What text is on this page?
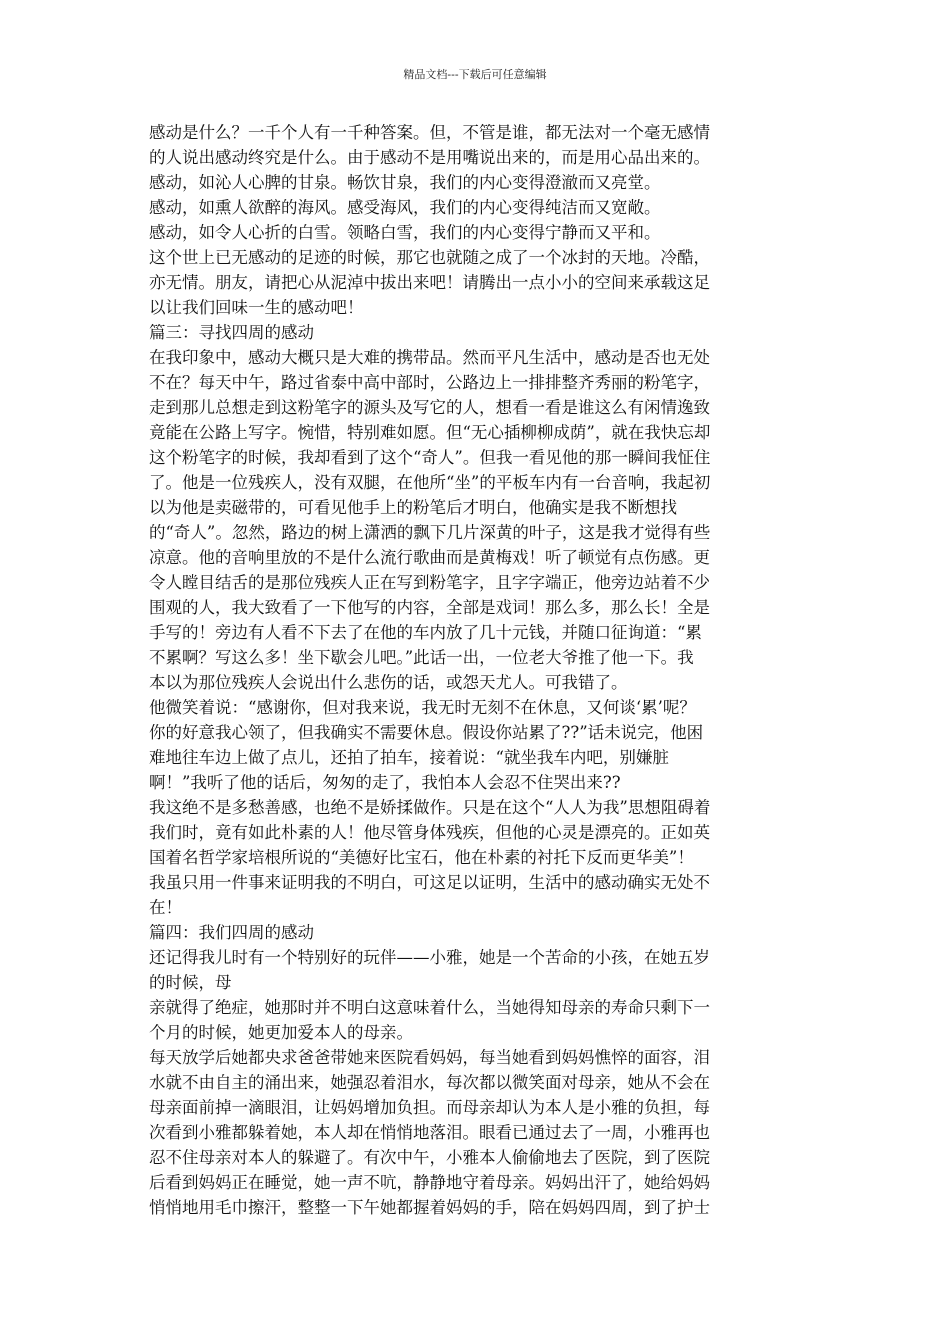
精品文档---下载后可任意编辑
感动是什么？一千个人有一千种答案。但，不管是谁，都无法对一个毫无感情
的人说出感动终究是什么。由于感动不是用嘴说出来的，而是用心品出来的。
感动，如沁人心脾的甘泉。畅饮甘泉，我们的内心变得澄澈而又亮堂。
感动，如熏人欲醉的海风。感受海风，我们的内心变得纯洁而又宽敞。
感动，如令人心折的白雪。领略白雪，我们的内心变得宁静而又平和。
这个世上已无感动的足迹的时候，那它也就随之成了一个冰封的天地。冷酷，
亦无情。朋友，请把心从泥淖中拔出来吧！请腾出一点小小的空间来承载这足
以让我们回味一生的感动吧！
篇三：寻找四周的感动
在我印象中，感动大概只是大难的携带品。然而平凡生活中，感动是否也无处
不在？每天中午，路过省泰中高中部时，公路边上一排排整齐秀丽的粉笔字，
走到那儿总想走到这粉笔字的源头及写它的人，想看一看是谁这么有闲情逸致
竟能在公路上写字。惋惜，特别难如愿。但“无心插柳柳成荫”，就在我快忘却
这个粉笔字的时候，我却看到了这个“奇人”。但我一看见他的那一瞬间我怔住
了。他是一位残疾人，没有双腿，在他所“坐”的平板车内有一台音响，我起初
以为他是卖磁带的，可看见他手上的粉笔后才明白，他确实是我不断想找
的“奇人”。忽然，路边的树上潇洒的飘下几片深黄的叶子，这是我才觉得有些
凉意。他的音响里放的不是什么流行歌曲而是黄梅戏！听了顿觉有点伤感。更
令人瞠目结舌的是那位残疾人正在写到粉笔字，且字字端正，他旁边站着不少
围观的人，我大致看了一下他写的内容，全部是戏词！那么多，那么长！全是
手写的！旁边有人看不下去了在他的车内放了几十元钱，并随口征询道：“累
不累啊？写这么多！坐下歇会儿吧。”此话一出，一位老大爷推了他一下。我
本以为那位残疾人会说出什么悲伤的话，或怨天尤人。可我错了。
他微笑着说：“感谢你，但对我来说，我无时无刻不在休息，又何谈‘累’呢？
你的好意我心领了，但我确实不需要休息。假设你站累了??”话未说完，他困
难地往车边上做了点儿，还拍了拍车，接着说：“就坐我车内吧，别嫌脏
啊！”我听了他的话后，匆匆的走了，我怕本人会忍不住哭出来??
我这绝不是多愁善感，也绝不是娇揉做作。只是在这个“人人为我”思想阻碍着
我们时，竟有如此朴素的人！他尽管身体残疾，但他的心灵是漂亮的。正如英
国着名哲学家培根所说的“美德好比宝石，他在朴素的衬托下反而更华美”！
我虽只用一件事来证明我的不明白，可这足以证明，生活中的感动确实无处不
在！
篇四：我们四周的感动
还记得我儿时有一个特别好的玩伴——小雅，她是一个苦命的小孩，在她五岁
的时候，母
亲就得了绝症，她那时并不明白这意味着什么，当她得知母亲的寿命只剩下一
个月的时候，她更加爱本人的母亲。
每天放学后她都央求爸爸带她来医院看妈妈，每当她看到妈妈憔悴的面容，泪
水就不由自主的涌出来，她强忍着泪水，每次都以微笑面对母亲，她从不会在
母亲面前掉一滴眼泪，让妈妈增加负担。而母亲却认为本人是小雅的负担，每
次看到小雅都躲着她，本人却在悄悄地落泪。眼看已通过去了一周，小雅再也
忍不住母亲对本人的躲避了。有次中午，小雅本人偷偷地去了医院，到了医院
后看到妈妈正在睡觉，她一声不吭，静静地守着母亲。妈妈出汗了，她给妈妈
悄悄地用毛巾擦汗，整整一下午她都握着妈妈的手，陪在妈妈四周，到了护士
